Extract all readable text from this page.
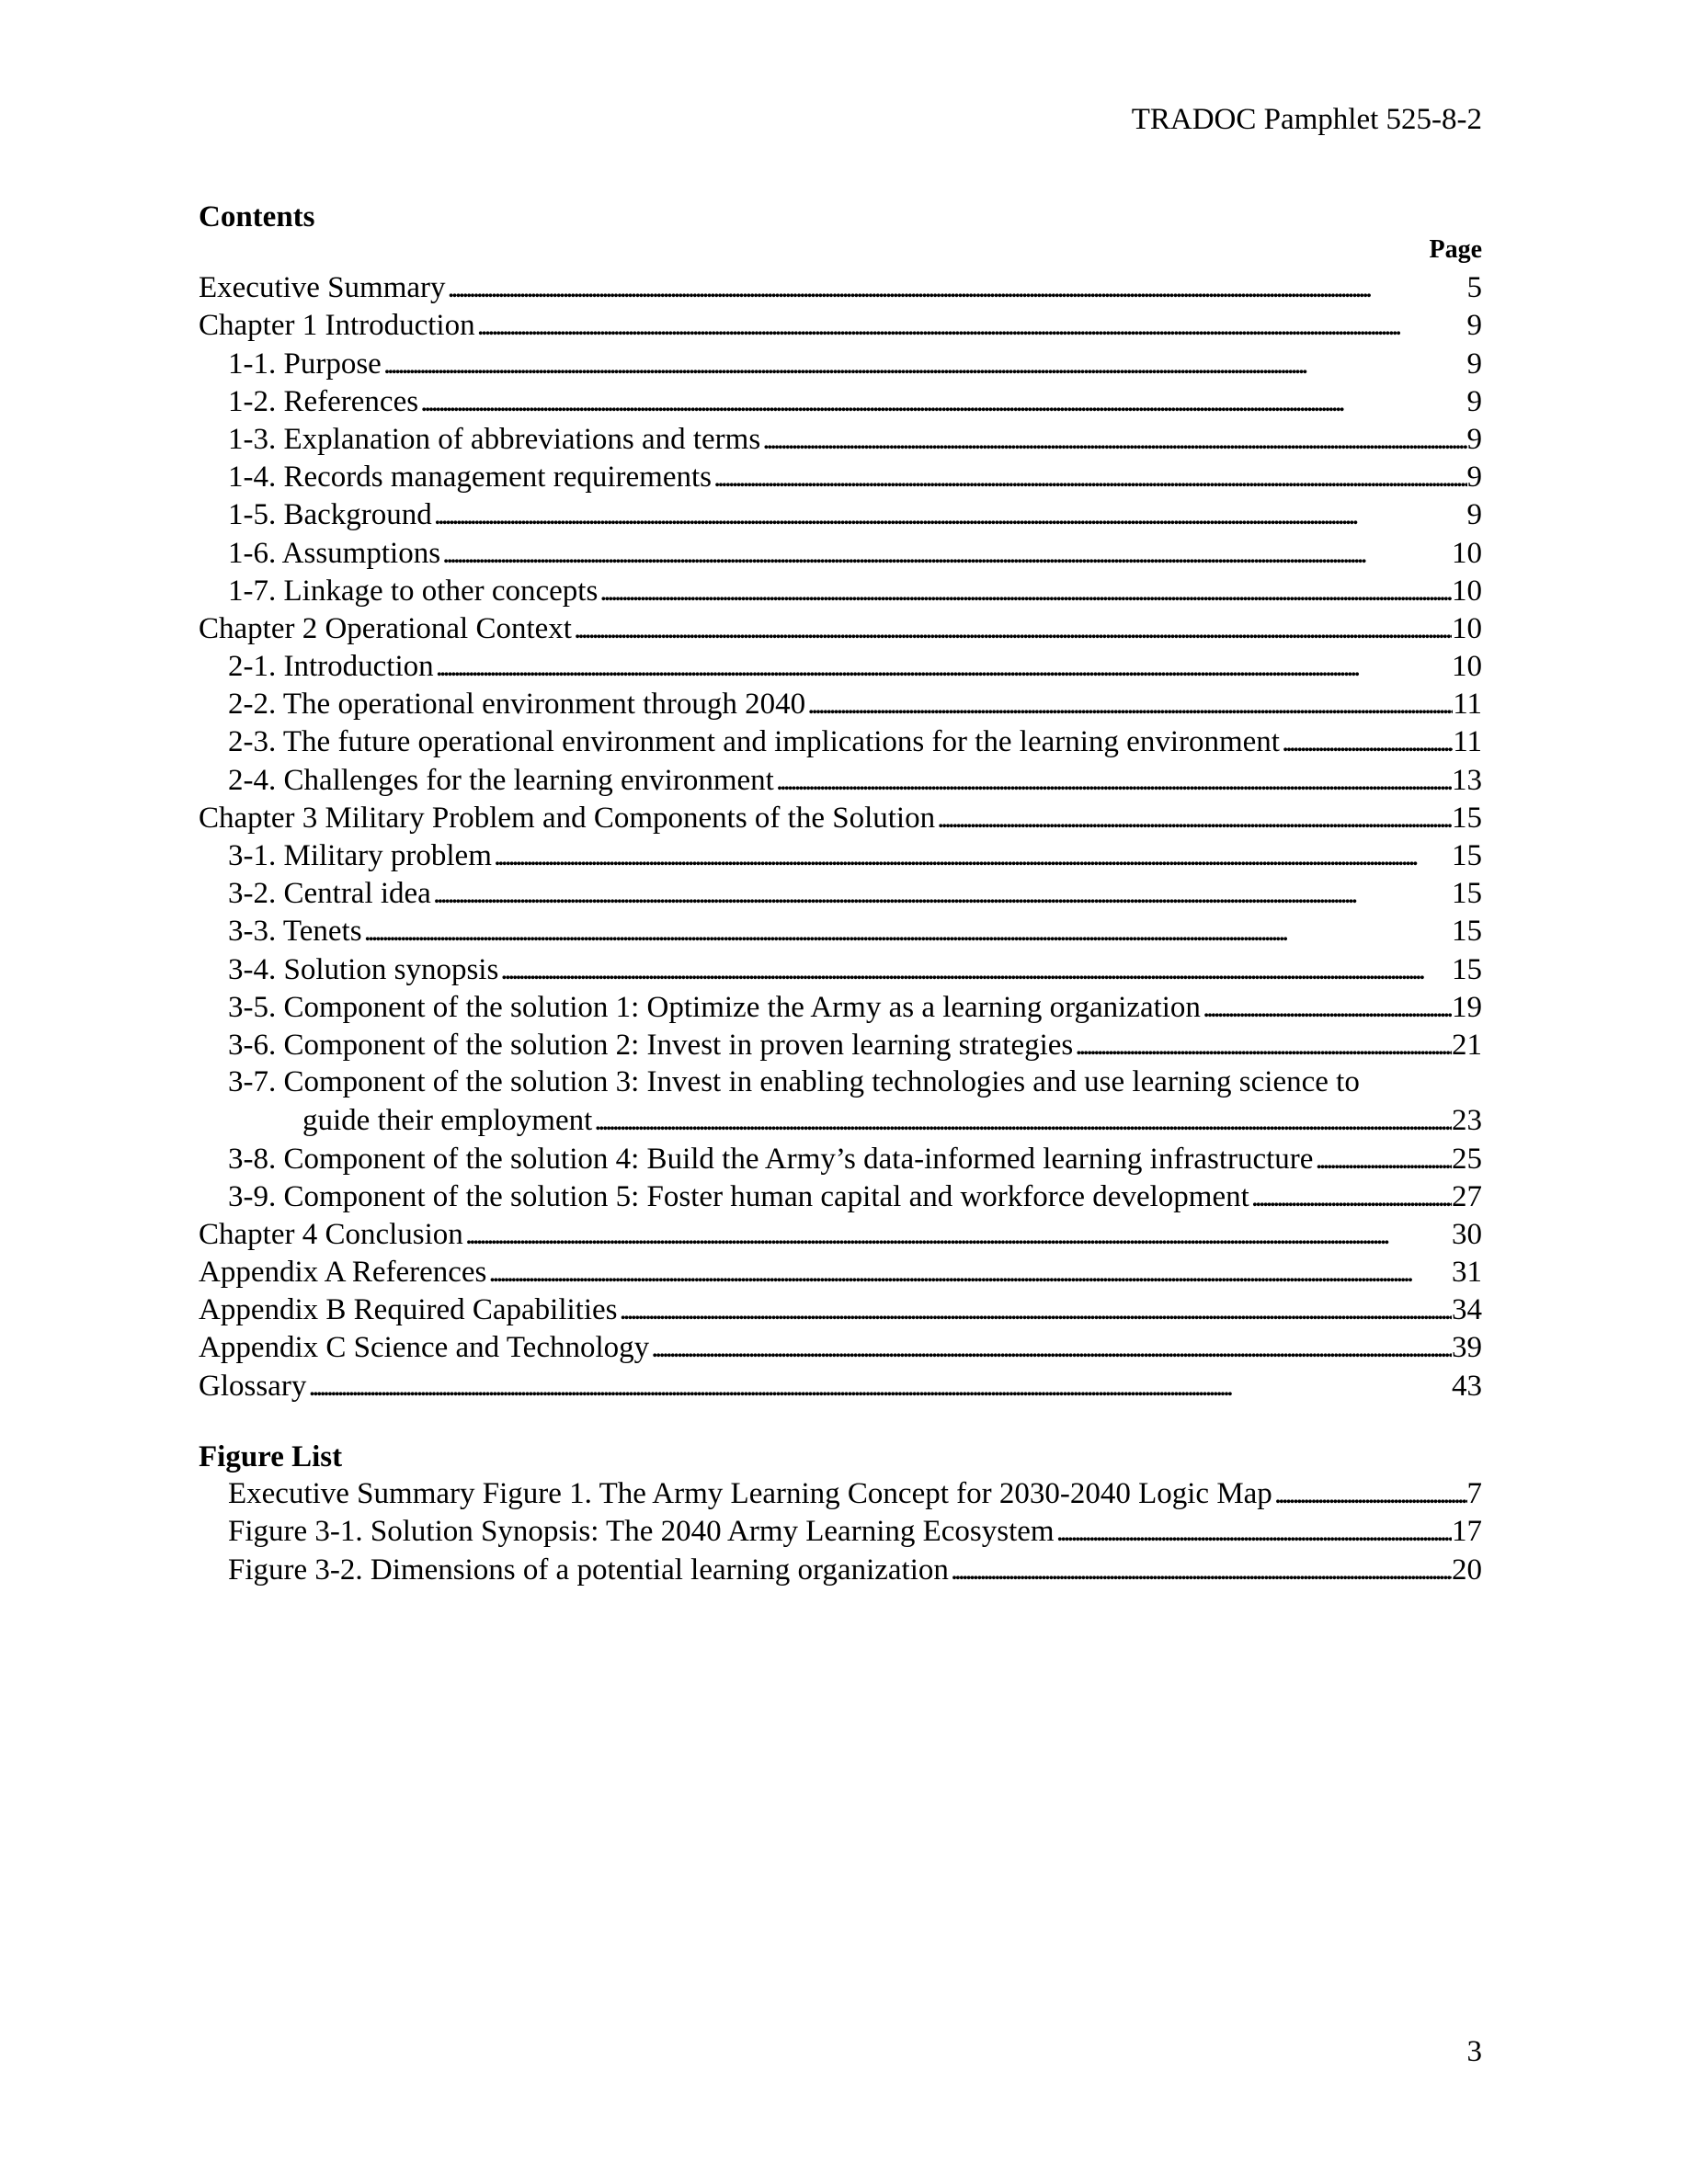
TRADOC Pamphlet 525-8-2
Contents
Page
Executive Summary . . .	5
Chapter 1 Introduction . . .	9
1-1. Purpose . . .	9
1-2. References . . .	9
1-3. Explanation of abbreviations and terms . . .	9
1-4. Records management requirements . . .	9
1-5. Background . . .	9
1-6. Assumptions . . .	10
1-7. Linkage to other concepts . . .	10
Chapter 2 Operational Context . . .	10
2-1. Introduction . . .	10
2-2. The operational environment through 2040 . . .	11
2-3. The future operational environment and implications for the learning environment . . .	11
2-4. Challenges for the learning environment . . .	13
Chapter 3 Military Problem and Components of the Solution . . .	15
3-1. Military problem . . .	15
3-2. Central idea . . .	15
3-3. Tenets . . .	15
3-4. Solution synopsis . . .	15
3-5. Component of the solution 1: Optimize the Army as a learning organization . . .	19
3-6. Component of the solution 2: Invest in proven learning strategies . . .	21
3-7. Component of the solution 3: Invest in enabling technologies and use learning science to
guide their employment . . .	23
3-8. Component of the solution 4: Build the Army’s data-informed learning infrastructure . . .	25
3-9. Component of the solution 5: Foster human capital and workforce development . . .	27
Chapter 4 Conclusion . . .	30
Appendix A References . . .	31
Appendix B Required Capabilities . . .	34
Appendix C Science and Technology . . .	39
Glossary . . .	43
Figure List
Executive Summary Figure 1. The Army Learning Concept for 2030-2040 Logic Map . . .	7
Figure 3-1. Solution Synopsis: The 2040 Army Learning Ecosystem . . .	17
Figure 3-2. Dimensions of a potential learning organization . . .	20
3
